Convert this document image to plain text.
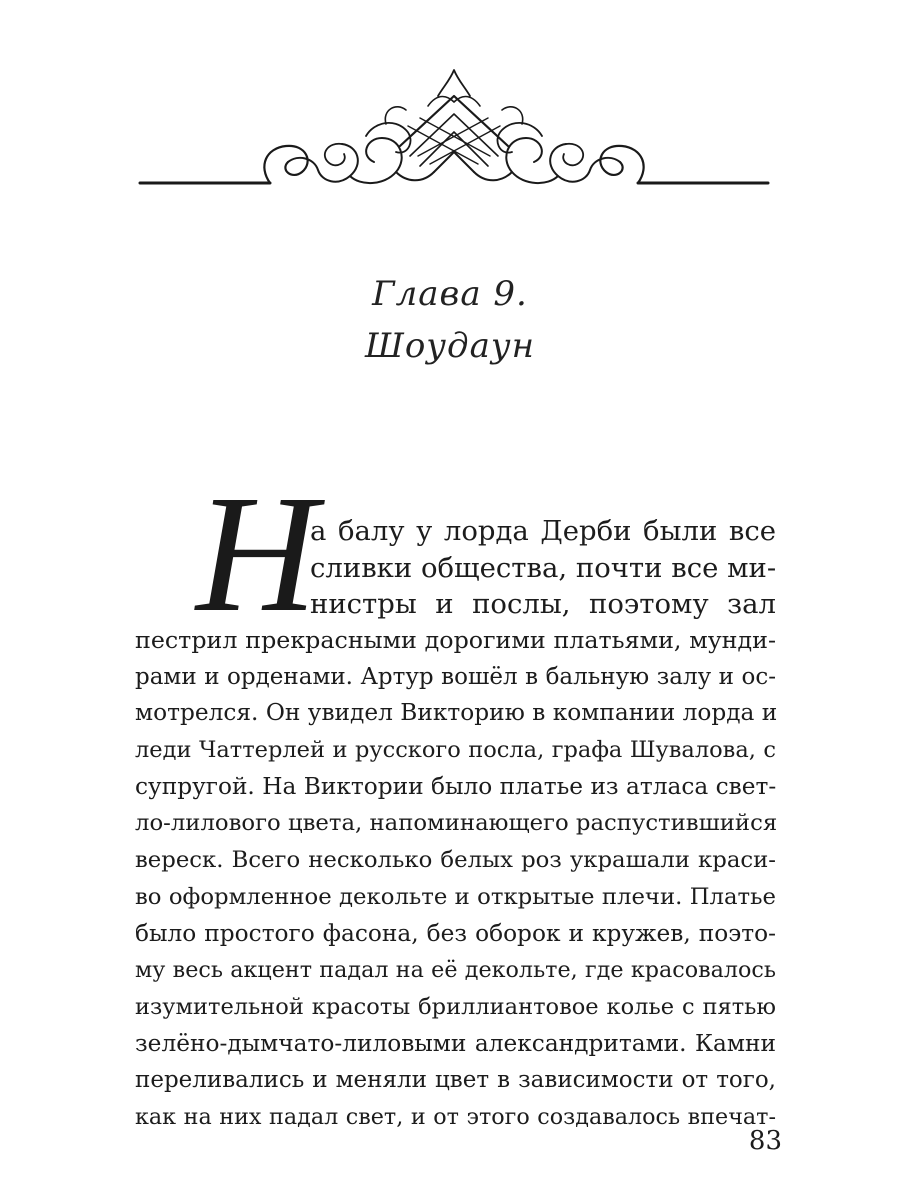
Глава 9.
Шоудаун
Н
а балу у лорда Дерби были все
сливки общества, почти все ми-
нистры и послы, поэтому зал
пестрил прекрасными дорогими платьями, мунди-
рами и орденами. Артур вошёл в бальную залу и ос-
мотрелся. Он увидел Викторию в компании лорда и
леди Чаттерлей и русского посла, графа Шувалова, с
супругой. На Виктории было платье из атласа свет-
ло-лилового цвета, напоминающего распустившийся
вереск. Всего несколько белых роз украшали краси-
во оформленное декольте и открытые плечи. Платье
было простого фасона, без оборок и кружев, поэто-
му весь акцент падал на её декольте, где красовалось
изумительной красоты бриллиантовое колье с пятью
зелёно-дымчато-лиловыми александритами. Камни
переливались и меняли цвет в зависимости от того,
как на них падал свет, и от этого создавалось впечат-
83
